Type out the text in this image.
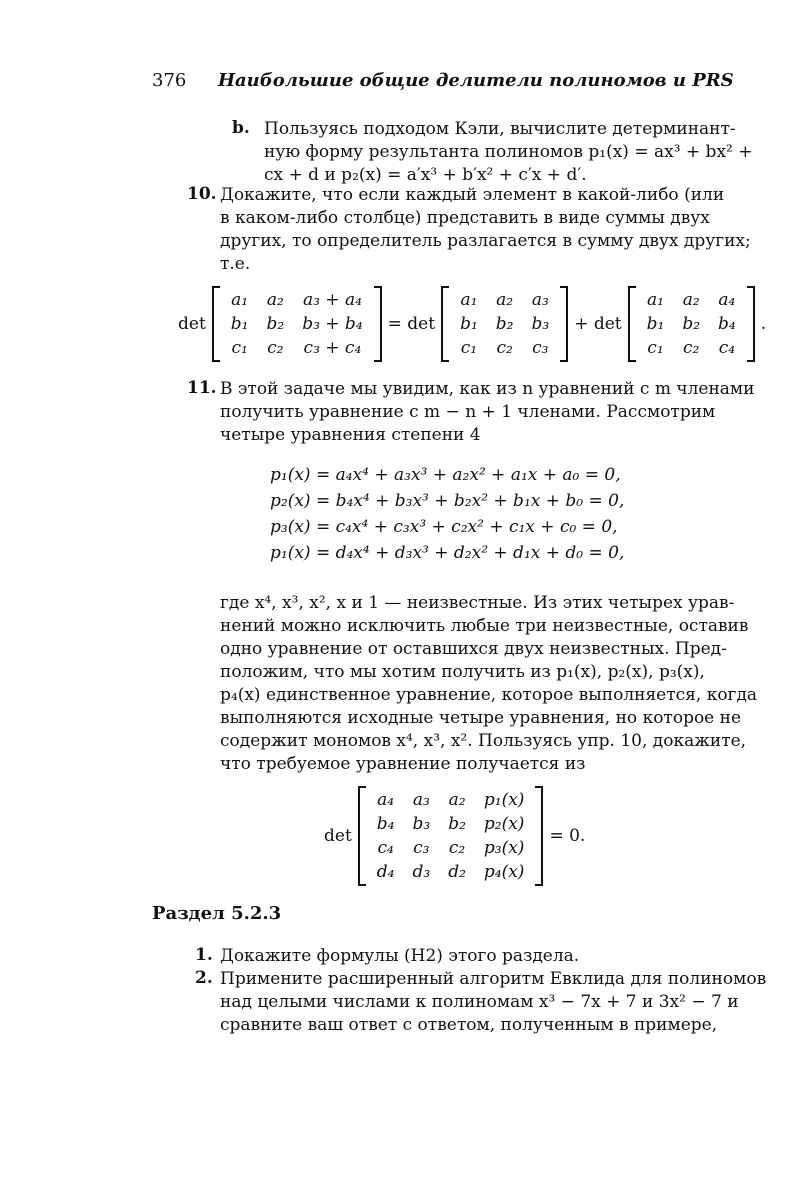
376 Наибольшие общие делители полиномов и PRS
b. Пользуясь подходом Кэли, вычислите детерминант-
ную форму результанта полиномов p₁(x) = ax³ + bx² +
cx + d и p₂(x) = a′x³ + b′x² + c′x + d′.
10. Докажите, что если каждый элемент в какой-либо (или
в каком-либо столбце) представить в виде суммы двух
других, то определитель разлагается в сумму двух других;
т.е.
det
a₁	a₂	a₃ + a₄
b₁	b₂	b₃ + b₄
c₁	c₂	c₃ + c₄
= det
a₁	a₂	a₃
b₁	b₂	b₃
c₁	c₂	c₃
+ det
a₁	a₂	a₄
b₁	b₂	b₄
c₁	c₂	c₄
.
11. В этой задаче мы увидим, как из n уравнений с m членами
получить уравнение с m − n + 1 членами. Рассмотрим
четыре уравнения степени 4
p₁(x) = a₄x⁴ + a₃x³ + a₂x² + a₁x + a₀ = 0,
p₂(x) = b₄x⁴ + b₃x³ + b₂x² + b₁x + b₀ = 0,
p₃(x) = c₄x⁴ + c₃x³ + c₂x² + c₁x + c₀ = 0,
p₁(x) = d₄x⁴ + d₃x³ + d₂x² + d₁x + d₀ = 0,
где x⁴, x³, x², x и 1 — неизвестные. Из этих четырех урав-
нений можно исключить любые три неизвестные, оставив
одно уравнение от оставшихся двух неизвестных. Пред-
положим, что мы хотим получить из p₁(x), p₂(x), p₃(x),
p₄(x) единственное уравнение, которое выполняется, когда
выполняются исходные четыре уравнения, но которое не
содержит мономов x⁴, x³, x². Пользуясь упр. 10, докажите,
что требуемое уравнение получается из
det
a₄	a₃	a₂	p₁(x)
b₄	b₃	b₂	p₂(x)
c₄	c₃	c₂	p₃(x)
d₄	d₃	d₂	p₄(x)
= 0.
Раздел 5.2.3
1. Докажите формулы (Н2) этого раздела.
2. Примените расширенный алгоритм Евклида для полиномов
над целыми числами к полиномам x³ − 7x + 7 и 3x² − 7 и
сравните ваш ответ с ответом, полученным в примере,
